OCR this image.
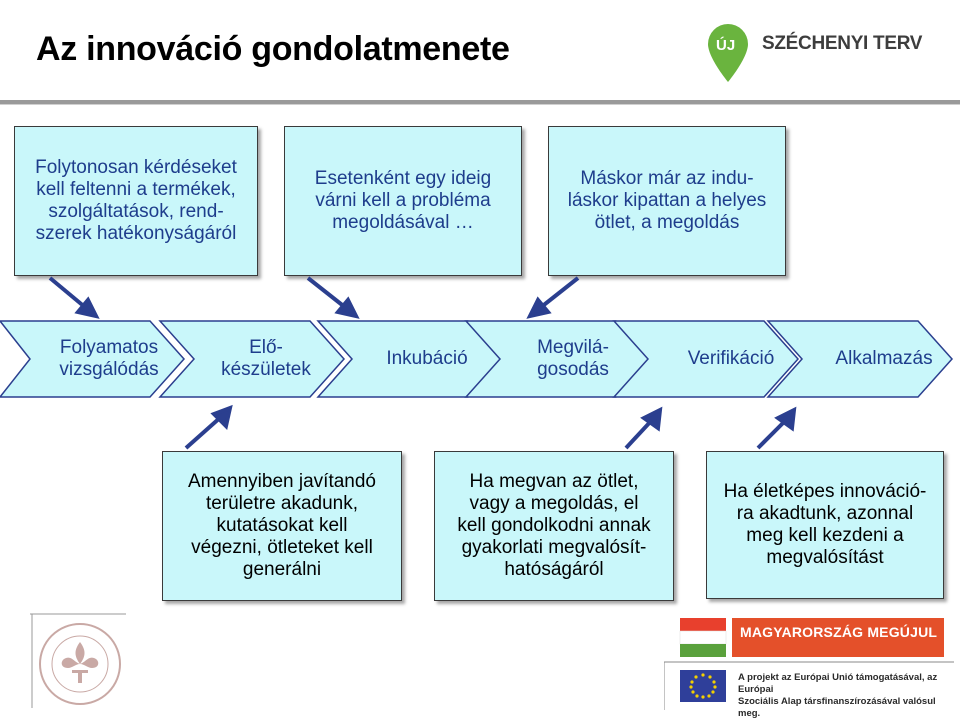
Az innováció gondolatmenete	ÚJ SZÉCHENYI TERV
Folytonosan kérdéseket
kell feltenni a termékek,
szolgáltatások, rend-
szerek hatékonyságáról
Esetenként egy ideig
várni kell a probléma
megoldásával …
Máskor már az indu-
láskor kipattan a helyes
ötlet, a megoldás
Folyamatos
vizsgálódás
Elő-
készületek
Inkubáció
Megvilá-
gosodás
Verifikáció	Alkalmazás
Amennyiben javítandó
területre akadunk,
kutatásokat kell
végezni, ötleteket kell
generálni
Ha megvan az ötlet,
vagy a megoldás, el
kell gondolkodni annak
gyakorlati megvalósít-
hatóságáról
Ha életképes innováció-
ra akadtunk, azonnal
meg kell kezdeni a
megvalósítást
MAGYARORSZÁG MEGÚJUL
A projekt az Európai Unió támogatásával, az Európai
Szociális Alap társfinanszírozásával valósul meg.
